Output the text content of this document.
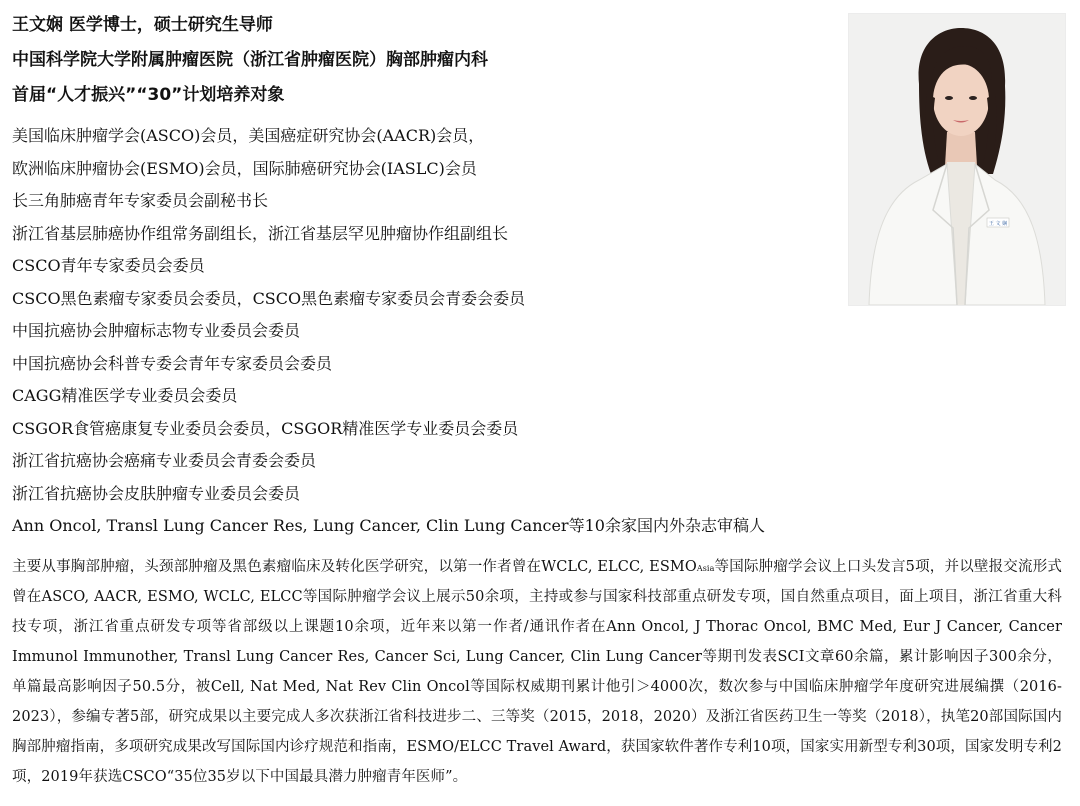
王文娴 医学博士，硕士研究生导师
中国科学院大学附属肿瘤医院（浙江省肿瘤医院）胸部肿瘤内科
首届“人才振兴”“30”计划培养对象
美国临床肿瘤学会(ASCO)会员，美国癌症研究协会(AACR)会员，
欧洲临床肿瘤协会(ESMO)会员，国际肺癌研究协会(IASLC)会员
长三角肺癌青年专家委员会副秘书长
浙江省基层肺癌协作组常务副组长，浙江省基层罕见肿瘤协作组副组长
CSCO青年专家委员会委员
CSCO黑色素瘤专家委员会委员，CSCO黑色素瘤专家委员会青委会委员
中国抗癌协会肿瘤标志物专业委员会委员
中国抗癌协会科普专委会青年专家委员会委员
CAGG精准医学专业委员会委员
CSGOR食管癌康复专业委员会委员，CSGOR精准医学专业委员会委员
浙江省抗癌协会癌痛专业委员会青委会委员
浙江省抗癌协会皮肤肿瘤专业委员会委员
Ann Oncol, Transl Lung Cancer Res, Lung Cancer, Clin Lung Cancer等10余家国内外杂志审稿人
王 文 娴
主要从事胸部肿瘤，头颈部肿瘤及黑色素瘤临床及转化医学研究，以第一作者曾在WCLC, ELCC, $ESMO^{Asia}$等国际肿瘤学会议上口头发言5项，并以壁报交流形式曾在ASCO, AACR, ESMO, WCLC, ELCC等国际肿瘤学会议上展示50余项，主持或参与国家科技部重点研发专项，国自然重点项目，面上项目，浙江省重大科技专项，浙江省重点研发专项等省部级以上课题10余项，近年来以第一作者/通讯作者在Ann Oncol, J Thorac Oncol, BMC Med, Eur J Cancer, Cancer Immunol Immunother, Transl Lung Cancer Res, Cancer Sci, Lung Cancer, Clin Lung Cancer等期刊发表SCI文章60余篇，累计影响因子300余分，单篇最高影响因子50.5分，被Cell, Nat Med, Nat Rev Clin Oncol等国际权威期刊累计他引＞4000次，数次参与中国临床肿瘤学年度研究进展编撰（2016-2023），参编专著5部，研究成果以主要完成人多次获浙江省科技进步二、三等奖（2015，2018，2020）及浙江省医药卫生一等奖（2018），执笔20部国际国内胸部肿瘤指南，多项研究成果改写国际国内诊疗规范和指南，ESMO/ELCC Travel Award，获国家软件著作专利10项，国家实用新型专利30项，国家发明专利2项，2019年获选CSCO“35位35岁以下中国最具潜力肿瘤青年医师”。
